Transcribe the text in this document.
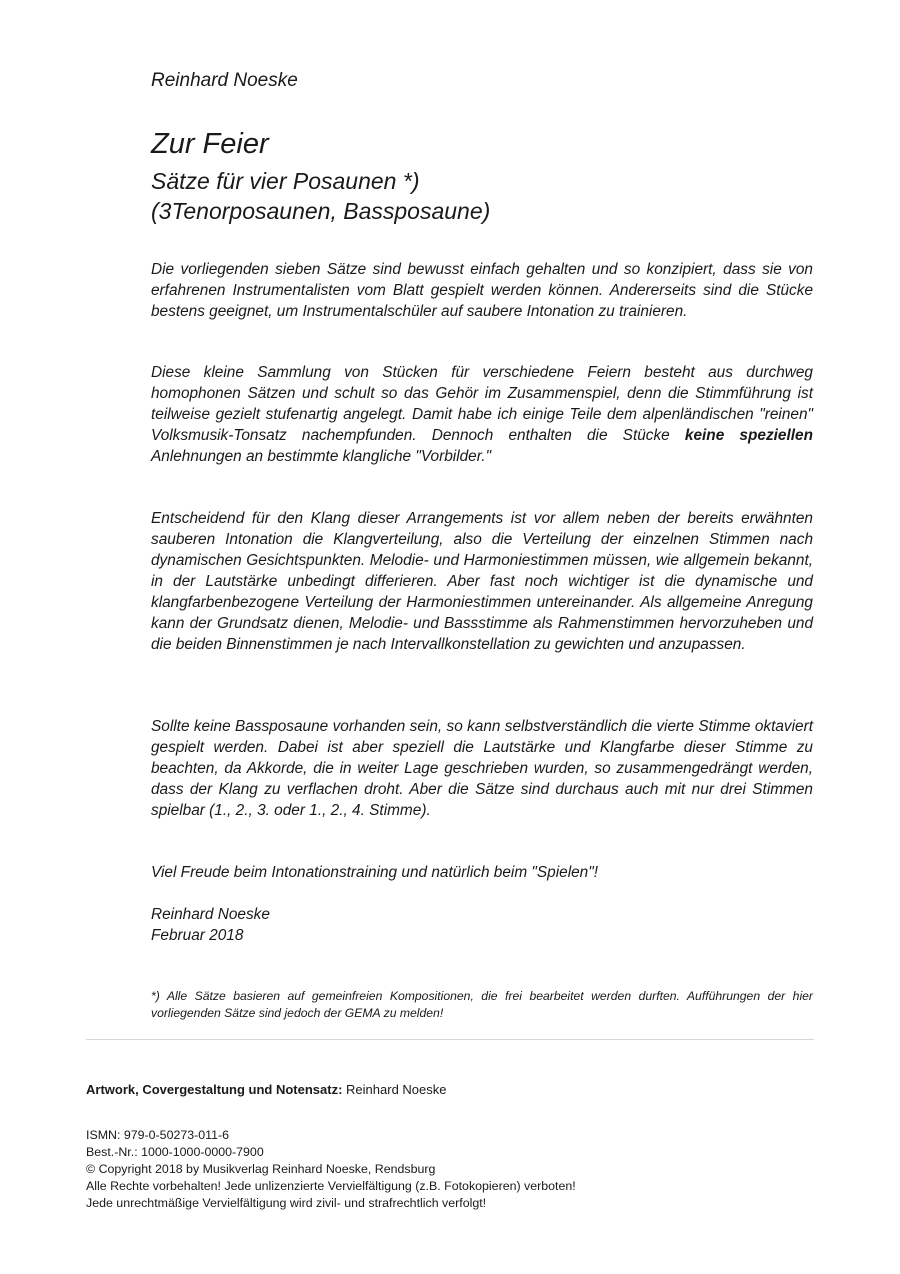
Reinhard Noeske
Zur Feier
Sätze für vier Posaunen *)
(3Tenorposaunen, Bassposaune)

Die vorliegenden sieben Sätze sind bewusst einfach gehalten und so konzipiert, dass sie von erfahrenen Instrumentalisten vom Blatt gespielt werden können. Andererseits sind die Stücke bestens geeignet, um Instrumentalschüler auf saubere Intonation zu trainieren.

Diese kleine Sammlung von Stücken für verschiedene Feiern besteht aus durchweg homophonen Sätzen und schult so das Gehör im Zusammenspiel, denn die Stimmführung ist teilweise gezielt stufenartig angelegt. Damit habe ich einige Teile dem alpenländischen "reinen" Volksmusik-Tonsatz nachempfunden. Dennoch enthalten die Stücke keine speziellen Anlehnungen an bestimmte klangliche "Vorbilder."

Entscheidend für den Klang dieser Arrangements ist vor allem neben der bereits erwähnten sauberen Intonation die Klangverteilung, also die Verteilung der einzelnen Stimmen nach dynamischen Gesichtspunkten. Melodie- und Harmoniestimmen müssen, wie allgemein bekannt, in der Lautstärke unbedingt differieren. Aber fast noch wichtiger ist die dynamische und klangfarbenbezogene Verteilung der Harmoniestimmen untereinander. Als allgemeine Anregung kann der Grundsatz dienen, Melodie- und Bassstimme als Rahmenstimmen hervorzuheben und die beiden Binnenstimmen je nach Intervallkonstellation zu gewichten und anzupassen.

Sollte keine Bassposaune vorhanden sein, so kann selbstverständlich die vierte Stimme oktaviert gespielt werden. Dabei ist aber speziell die Lautstärke und Klangfarbe dieser Stimme zu beachten, da Akkorde, die in weiter Lage geschrieben wurden, so zusammengedrängt werden, dass der Klang zu verflachen droht. Aber die Sätze sind durchaus auch mit nur drei Stimmen spielbar (1., 2., 3. oder 1., 2., 4. Stimme).

Viel Freude beim Intonationstraining und natürlich beim "Spielen"!

Reinhard Noeske
Februar 2018

*) Alle Sätze basieren auf gemeinfreien Kompositionen, die frei bearbeitet werden durften. Aufführungen der hier vorliegenden Sätze sind jedoch der GEMA zu melden!

Artwork, Covergestaltung und Notensatz: Reinhard Noeske
ISMN: 979-0-50273-011-6
Best.-Nr.: 1000-1000-0000-7900
© Copyright 2018 by Musikverlag Reinhard Noeske, Rendsburg
Alle Rechte vorbehalten! Jede unlizenzierte Vervielfältigung (z.B. Fotokopieren) verboten!
Jede unrechtmäßige Vervielfältigung wird zivil- und strafrechtlich verfolgt!
